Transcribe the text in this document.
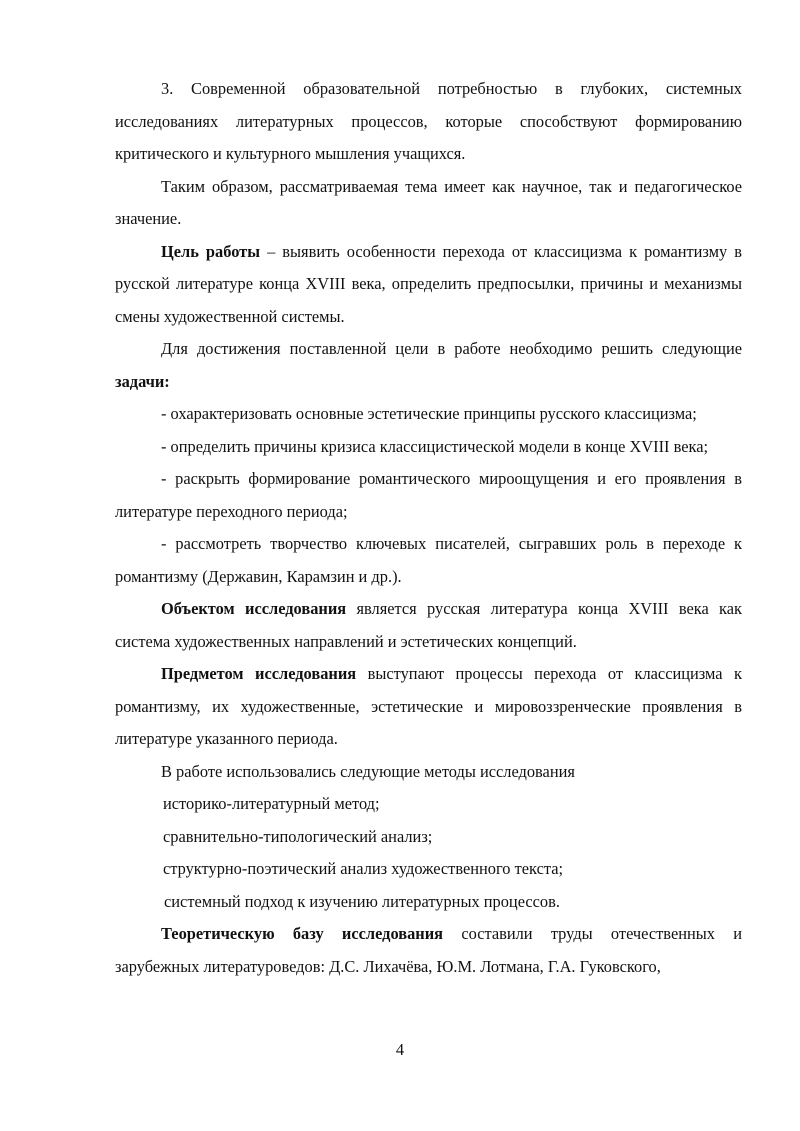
3. Современной образовательной потребностью в глубоких, системных исследованиях литературных процессов, которые способствуют формированию критического и культурного мышления учащихся.

Таким образом, рассматриваемая тема имеет как научное, так и педагогическое значение.

Цель работы – выявить особенности перехода от классицизма к романтизму в русской литературе конца XVIII века, определить предпосылки, причины и механизмы смены художественной системы.

Для достижения поставленной цели в работе необходимо решить следующие задачи:

- охарактеризовать основные эстетические принципы русского классицизма;

- определить причины кризиса классицистической модели в конце XVIII века;

- раскрыть формирование романтического мироощущения и его проявления в литературе переходного периода;

- рассмотреть творчество ключевых писателей, сыгравших роль в переходе к романтизму (Державин, Карамзин и др.).

Объектом исследования является русская литература конца XVIII века как система художественных направлений и эстетических концепций.

Предметом исследования выступают процессы перехода от классицизма к романтизму, их художественные, эстетические и мировоззренческие проявления в литературе указанного периода.

В работе использовались следующие методы исследования

историко-литературный метод;

сравнительно-типологический анализ;

структурно-поэтический анализ художественного текста;

системный подход к изучению литературных процессов.

Теоретическую базу исследования составили труды отечественных и зарубежных литературоведов: Д.С. Лихачёва, Ю.М. Лотмана, Г.А. Гуковского,

4
